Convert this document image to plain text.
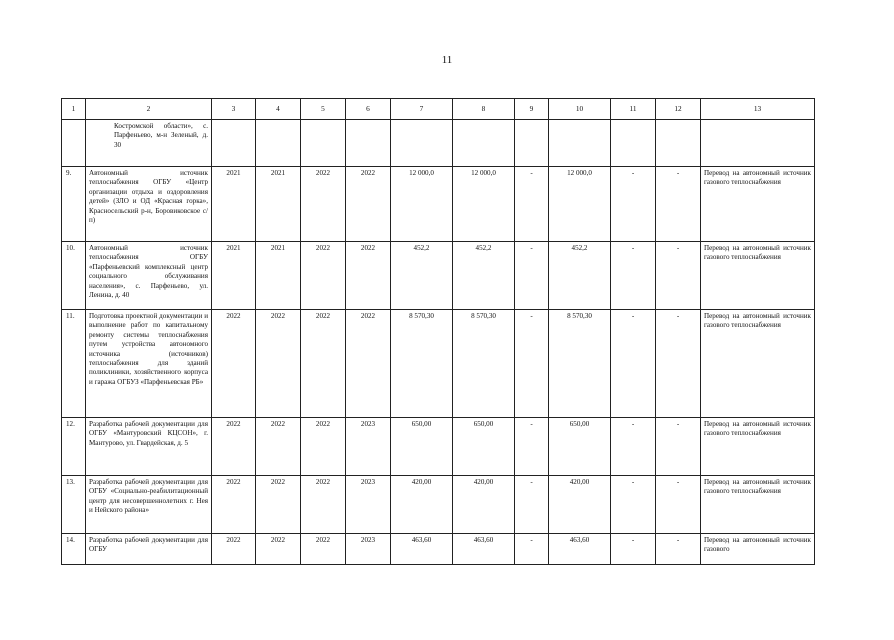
11
1	2	3	4	5	6	7	8	9	10	11	12	13
	Костромской области», с. Парфеньево, м-н Зеленый, д. 30											
9.	Автономный источник теплоснабжения ОГБУ «Центр организации отдыха и оздоровления детей» (ЗЛО и ОД «Красная горка», Красносельский р-н, Боровиковское с/п)	2021	2021	2022	2022	12 000,0	12 000,0	-	12 000,0	-	-	Перевод на автономный источник газового теплоснабжения
10.	Автономный источник теплоснабжения ОГБУ «Парфеньевский комплексный центр социального обслуживания населения», с. Парфеньево, ул. Ленина, д. 40	2021	2021	2022	2022	452,2	452,2	-	452,2	-	-	Перевод на автономный источник газового теплоснабжения
11.	Подготовка проектной документации и выполнение работ по капитальному ремонту системы теплоснабжения путем устройства автономного источника (источников) теплоснабжения для зданий поликлиники, хозяйственного корпуса и гаража ОГБУЗ «Парфеньевская РБ»	2022	2022	2022	2022	8 570,30	8 570,30	-	8 570,30	-	-	Перевод на автономный источник газового теплоснабжения
12.	Разработка рабочей документации для ОГБУ «Мантуровский КЦСОН», г. Мантурово, ул. Гвардейская, д. 5	2022	2022	2022	2023	650,00	650,00	-	650,00	-	-	Перевод на автономный источник газового теплоснабжения
13.	Разработка рабочей документации для ОГБУ «Социально-реабилитационный центр для несовершеннолетних г. Нея и Нейского района»	2022	2022	2022	2023	420,00	420,00	-	420,00	-	-	Перевод на автономный источник газового теплоснабжения
14.	Разработка рабочей документации для ОГБУ	2022	2022	2022	2023	463,60	463,60	-	463,60	-	-	Перевод на автономный источник газового
